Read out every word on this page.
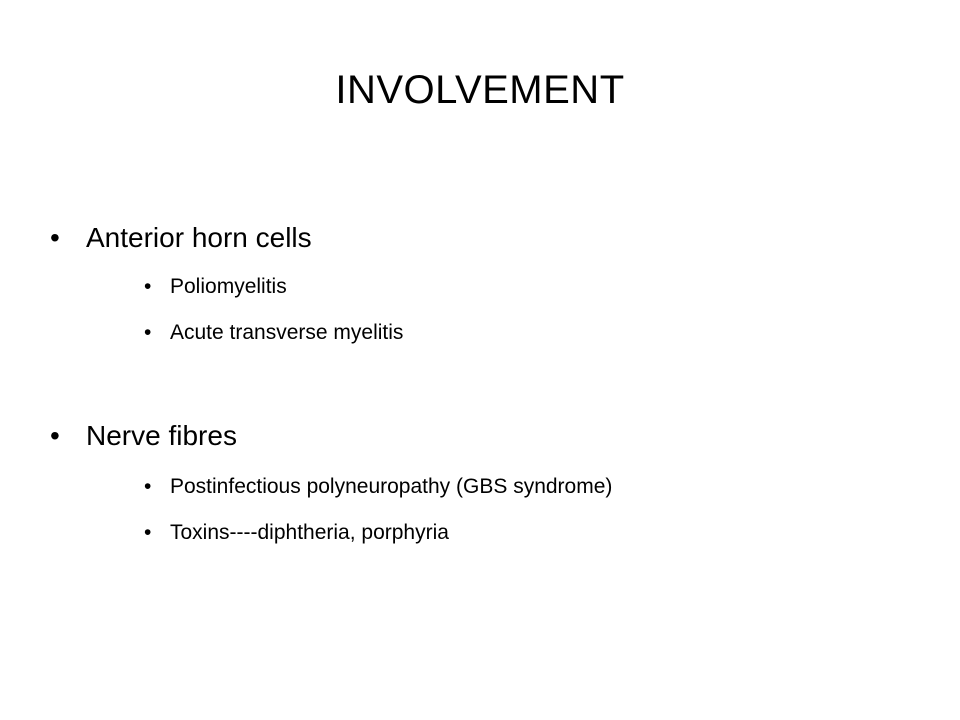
INVOLVEMENT
• Anterior horn cells
• Poliomyelitis
• Acute transverse myelitis
• Nerve fibres
• Postinfectious polyneuropathy (GBS syndrome)
• Toxins----diphtheria, porphyria
